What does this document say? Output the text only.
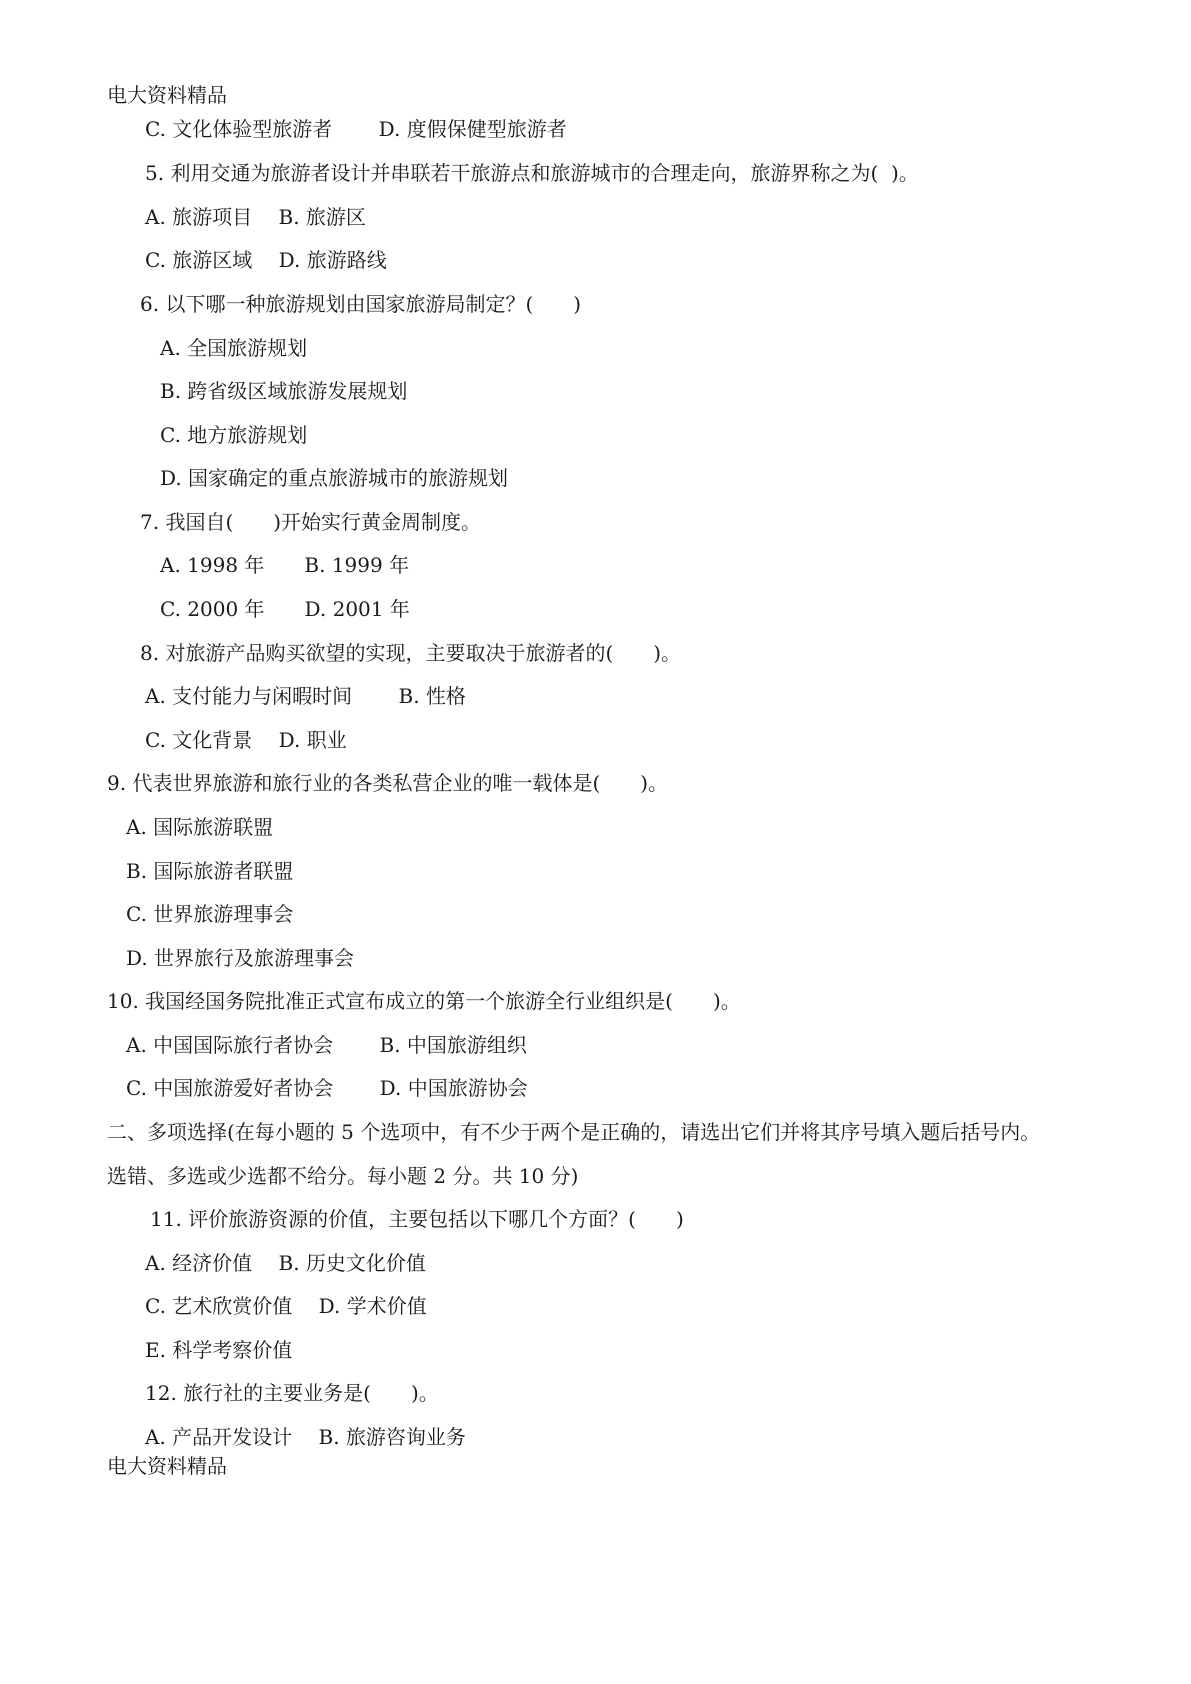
电大资料精品
C. 文化体验型旅游者　　 D. 度假保健型旅游者
5. 利用交通为旅游者设计并串联若干旅游点和旅游城市的合理走向，旅游界称之为(  )。
A. 旅游项目　 B. 旅游区
C. 旅游区域　 D. 旅游路线
6. 以下哪一种旅游规划由国家旅游局制定？(　　)
A. 全国旅游规划
B. 跨省级区域旅游发展规划
C. 地方旅游规划
D. 国家确定的重点旅游城市的旅游规划
7. 我国自(　　)开始实行黄金周制度。
A. 1998 年　　B. 1999 年
C. 2000 年　　D. 2001 年
8. 对旅游产品购买欲望的实现，主要取决于旅游者的(　　)。
A. 支付能力与闲暇时间　　 B. 性格
C. 文化背景　 D. 职业
9. 代表世界旅游和旅行业的各类私营企业的唯一载体是(　　)。
A. 国际旅游联盟
B. 国际旅游者联盟
C. 世界旅游理事会
D. 世界旅行及旅游理事会
10. 我国经国务院批准正式宣布成立的第一个旅游全行业组织是(　　)。
A. 中国国际旅行者协会　　 B. 中国旅游组织
C. 中国旅游爱好者协会　　 D. 中国旅游协会
二、多项选择(在每小题的 5 个选项中，有不少于两个是正确的，请选出它们并将其序号填入题后括号内。
选错、多选或少选都不给分。每小题 2 分。共 10 分)
11. 评价旅游资源的价值，主要包括以下哪几个方面？(　　)
A. 经济价值　 B. 历史文化价值
C. 艺术欣赏价值　 D. 学术价值
E. 科学考察价值
12. 旅行社的主要业务是(　　)。
A. 产品开发设计　 B. 旅游咨询业务
电大资料精品
